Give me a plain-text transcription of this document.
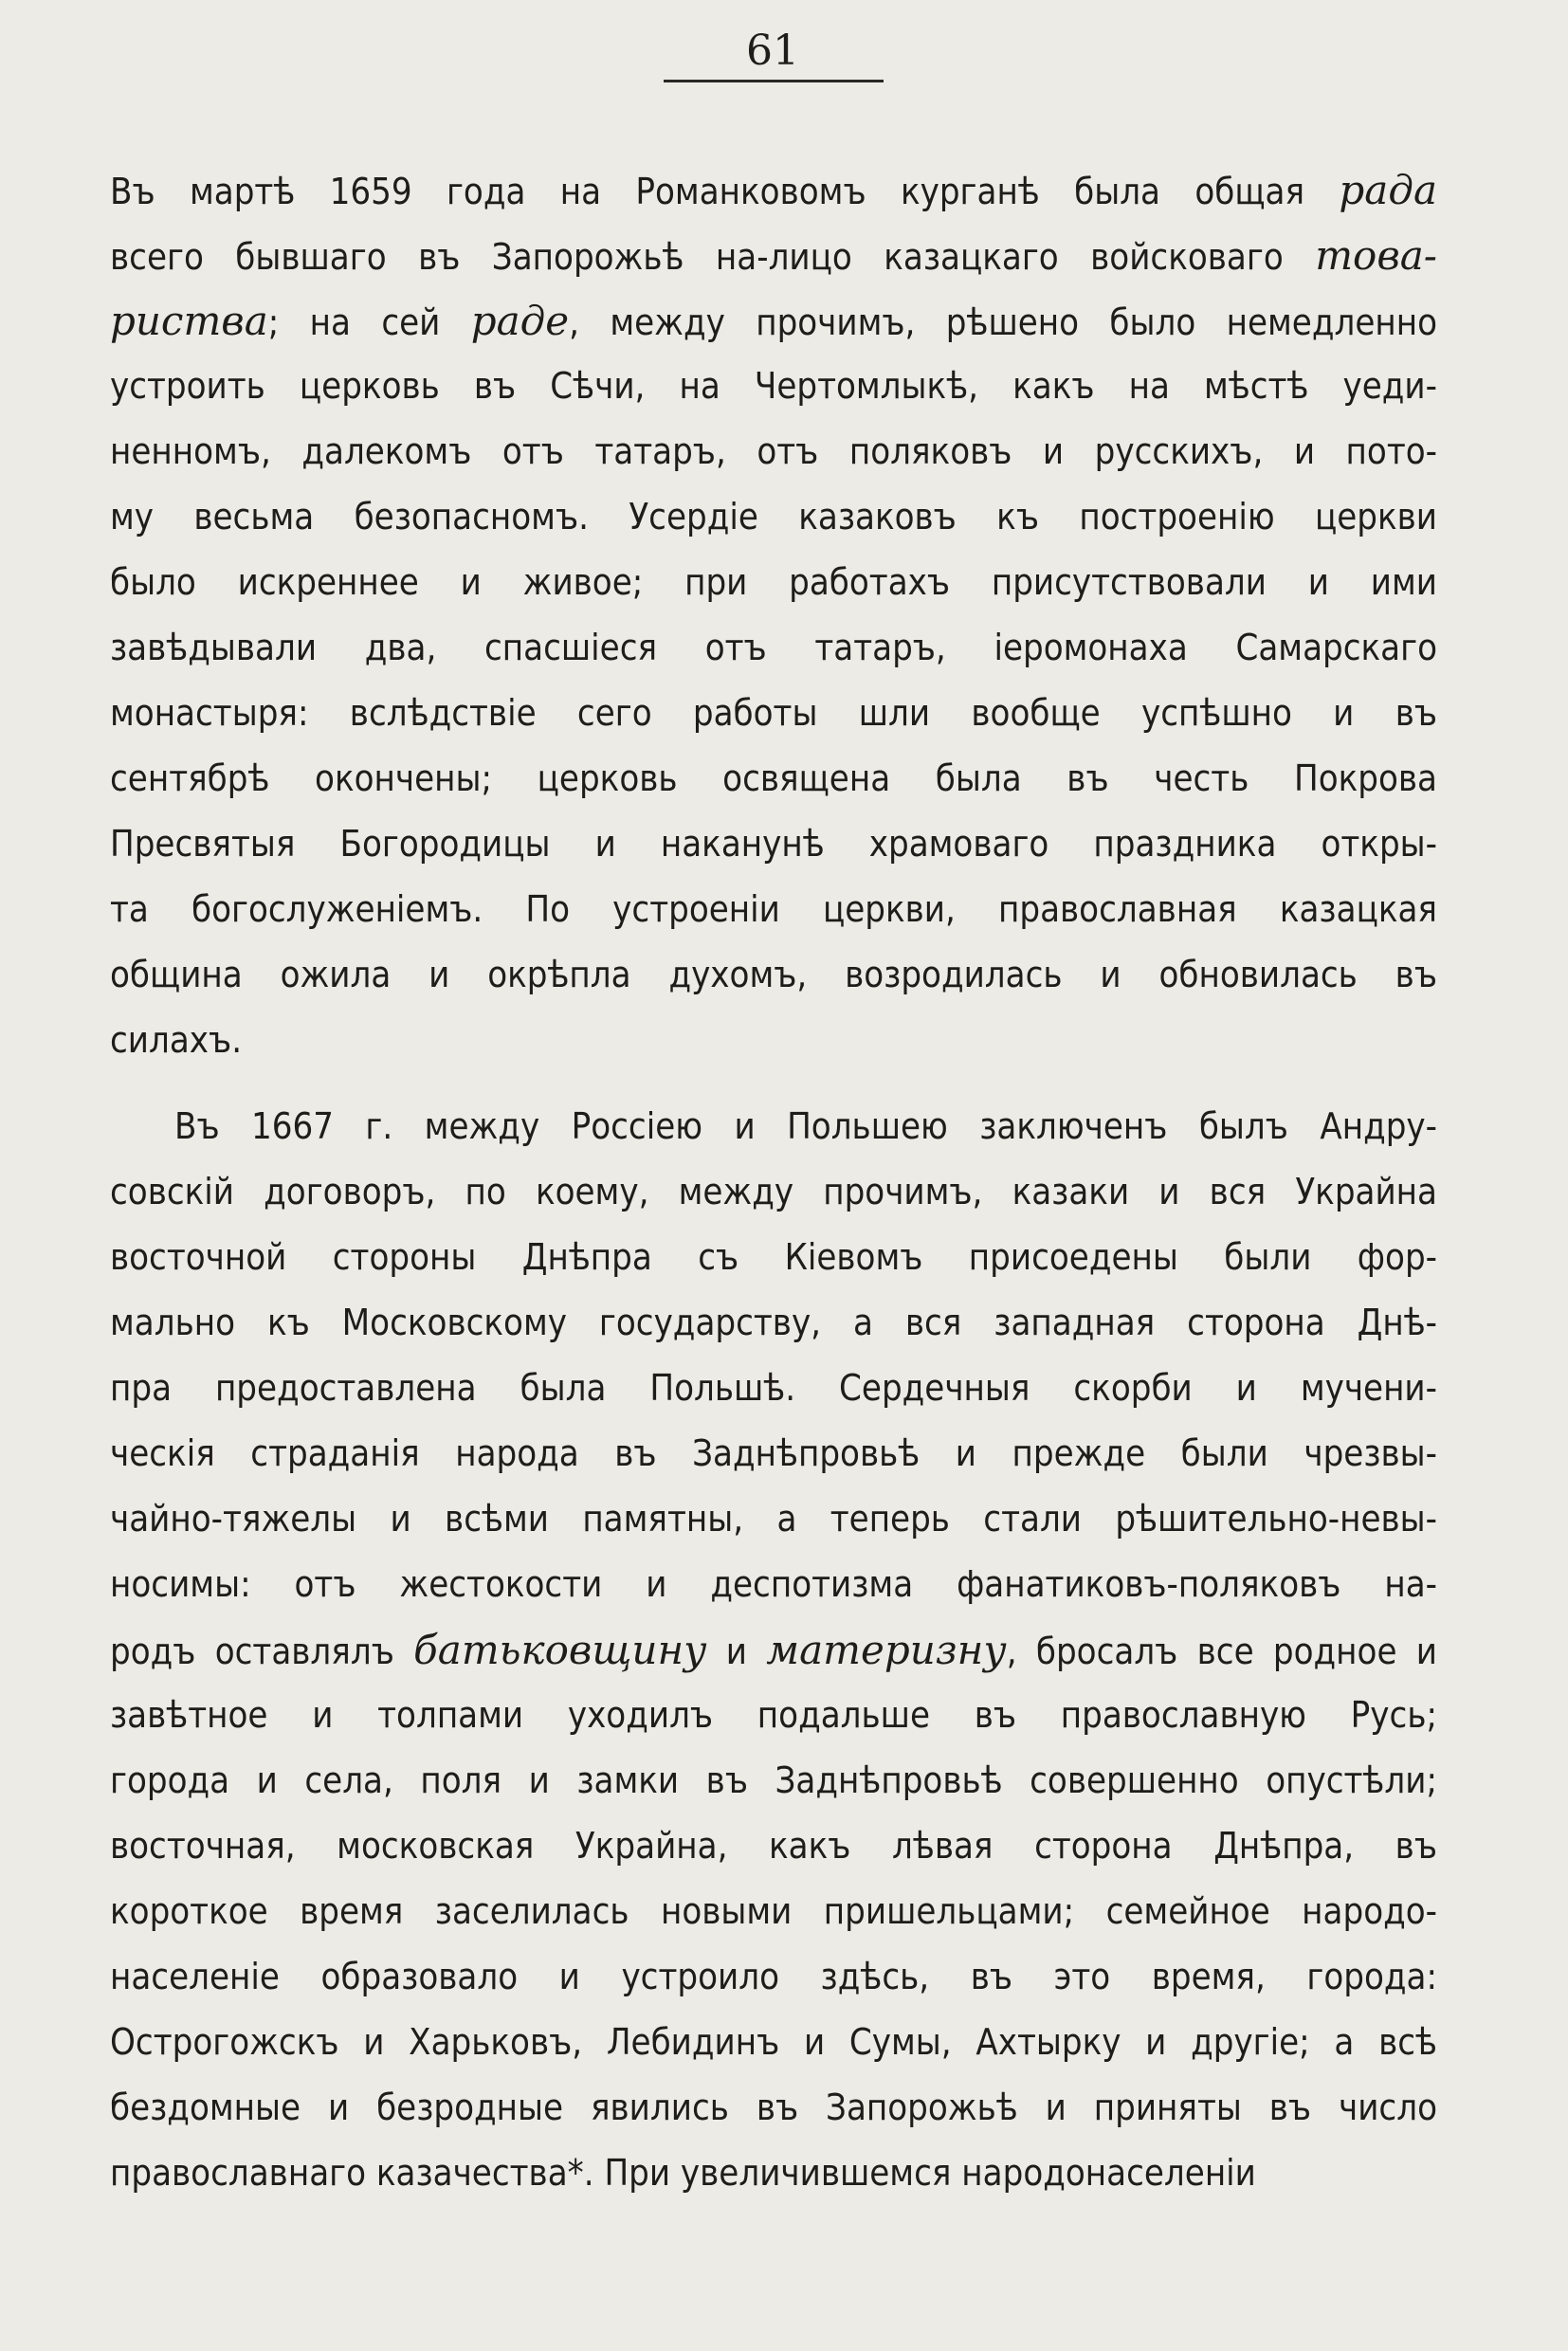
61
Въ мартѣ 1659 года на Романковомъ курганѣ была общая рада
всего бывшаго въ Запорожьѣ на-лицо казацкаго войсковаго това-
риства; на сей раде, между прочимъ, рѣшено было немедленно
устроить церковь въ Сѣчи, на Чертомлыкѣ, какъ на мѣстѣ уеди-
ненномъ, далекомъ отъ татаръ, отъ поляковъ и русскихъ, и пото-
му весьма безопасномъ. Усердіе казаковъ къ построенію церкви
было искреннее и живое; при работахъ присутствовали и ими
завѣдывали два, спасшіеся отъ татаръ, іеромонаха Самарскаго
монастыря: вслѣдствіе сего работы шли вообще успѣшно и въ
сентябрѣ окончены; церковь освящена была въ честь Покрова
Пресвятыя Богородицы и наканунѣ храмоваго праздника откры-
та богослуженіемъ. По устроеніи церкви, православная казацкая
община ожила и окрѣпла духомъ, возродилась и обновилась въ
силахъ.
Въ 1667 г. между Россіею и Польшею заключенъ былъ Андру-
совскій договоръ, по коему, между прочимъ, казаки и вся Украйна
восточной стороны Днѣпра съ Кіевомъ присоедены были фор-
мально къ Московскому государству, а вся западная сторона Днѣ-
пра предоставлена была Польшѣ. Сердечныя скорби и мучени-
ческія страданія народа въ Заднѣпровьѣ и прежде были чрезвы-
чайно-тяжелы и всѣми памятны, а теперь стали рѣшительно-невы-
носимы: отъ жестокости и деспотизма фанатиковъ-поляковъ на-
родъ оставлялъ батьковщину и материзну, бросалъ все родное и
завѣтное и толпами уходилъ подальше въ православную Русь;
города и села, поля и замки въ Заднѣпровьѣ совершенно опустѣли;
восточная, московская Украйна, какъ лѣвая сторона Днѣпра, въ
короткое время заселилась новыми пришельцами; семейное народо-
населеніе образовало и устроило здѣсь, въ это время, города:
Острогожскъ и Харьковъ, Лебидинъ и Сумы, Ахтырку и другіе; а всѣ
бездомные и безродные явились въ Запорожьѣ и приняты въ число
православнаго казачества*. При увеличившемся народонаселеніи
